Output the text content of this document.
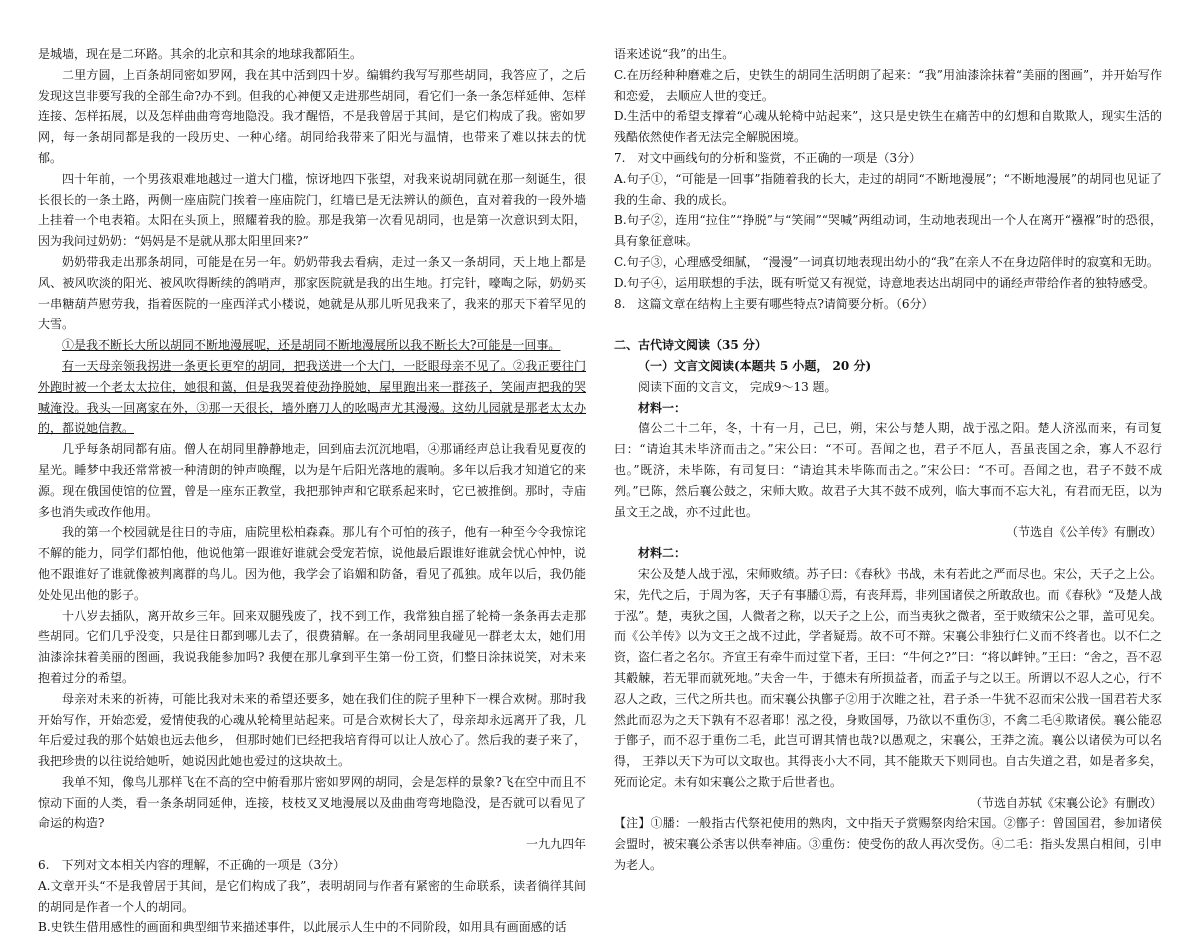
是城墙，现在是二环路。其余的北京和其余的地球我都陌生。

二里方圆，上百条胡同密如罗网，我在其中活到四十岁。编辑约我写写那些胡同，我答应了，之后发现这岂非要写我的全部生命?办不到。但我的心神便又走进那些胡同，看它们一条一条怎样延伸、怎样连接、怎样拓展，以及怎样曲曲弯弯地隐没。我才醒悟，不是我曾居于其间，是它们构成了我。密如罗网，每一条胡同都是我的一段历史、一种心绪。胡同给我带来了阳光与温情，也带来了难以抹去的忧郁。

四十年前，一个男孩艰难地越过一道大门槛，惊讶地四下张望，对我来说胡同就在那一刻诞生，很长很长的一条土路，两侧一座庙院门挨着一座庙院门，红墙已是无法辨认的颜色，直对着我的一段外墙上挂着一个电表箱。太阳在头顶上，照耀着我的脸。那是我第一次看见胡同，也是第一次意识到太阳，因为我问过奶奶：“妈妈是不是就从那太阳里回来?”

奶奶带我走出那条胡同，可能是在另一年。奶奶带我去看病，走过一条又一条胡同，天上地上都是风、被风吹淡的阳光、被风吹得断续的鸽哨声，那家医院就是我的出生地。打完针，嚎啕之际，奶奶买一串糖葫芦慰劳我，指着医院的一座西洋式小楼说，她就是从那儿听见我来了，我来的那天下着罕见的大雪。

①是我不断长大所以胡同不断地漫展呢，还是胡同不断地漫展所以我不断长大?可能是一回事。

有一天母亲领我拐进一条更长更窄的胡同，把我送进一个大门，一眨眼母亲不见了。②我正要往门外跑时被一个老太太拉住，她很和蔼，但是我哭着使劲挣脱她，屋里跑出来一群孩子，笑闹声把我的哭喊淹没。我头一回离家在外，③那一天很长，墙外磨刀人的吆喝声尤其漫漫。这幼儿园就是那老太太办的，都说她信教。

几乎每条胡同都有庙。僧人在胡同里静静地走，回到庙去沉沉地唱，④那诵经声总让我看见夏夜的星光。睡梦中我还常常被一种清朗的钟声唤醒，以为是午后阳光落地的震响。多年以后我才知道它的来源。现在俄国使馆的位置，曾是一座东正教堂，我把那钟声和它联系起来时，它已被推倒。那时，寺庙多也消失或改作他用。

我的第一个校园就是往日的寺庙，庙院里松柏森森。那儿有个可怕的孩子，他有一种至今令我惊诧不解的能力，同学们都怕他，他说他第一跟谁好谁就会受宠若惊，说他最后跟谁好谁就会忧心忡忡，说他不跟谁好了谁就像被判离群的鸟儿。因为他，我学会了谄媚和防备，看见了孤独。成年以后，我仍能处处见出他的影子。

十八岁去插队，离开故乡三年。回来双腿残废了，找不到工作，我常独自摇了轮椅一条条再去走那些胡同。它们几乎没变，只是往日都到哪儿去了，很费猜解。在一条胡同里我碰见一群老太太，她们用油漆涂抹着美丽的图画，我说我能参加吗? 我便在那儿拿到平生第一份工资，们整日涂抹说笑，对未来抱着过分的希望。

母亲对未来的祈祷，可能比我对未来的希望还要多，她在我们住的院子里种下一棵合欢树。那时我开始写作，开始恋爱，爱情使我的心魂从轮椅里站起来。可是合欢树长大了，母亲却永远离开了我，几年后爱过我的那个姑娘也远去他乡， 但那时她们已经把我培育得可以让人放心了。然后我的妻子来了，我把珍贵的以往说给她听，她说因此她也爱过的这块故土。

我单不知，像鸟儿那样飞在不高的空中俯看那片密如罗网的胡同，会是怎样的景象?飞在空中而且不惊动下面的人类，看一条条胡同延伸，连接，枝枝叉叉地漫展以及曲曲弯弯地隐没，是否就可以看见了命运的构造?

一九九四年

6.　下列对文本相关内容的理解，不正确的一项是（3分）

A.文章开头“不是我曾居于其间，是它们构成了我”，表明胡同与作者有紧密的生命联系，读者徜徉其间的胡同是作者一个人的胡同。

B.史铁生借用感性的画面和典型细节来描述事件，以此展示人生中的不同阶段，如用具有画面感的话

语来述说“我”的出生。

C.在历经种种磨难之后，史铁生的胡同生活明朗了起来：“我”用油漆涂抹着“美丽的图画”，并开始写作和恋爱， 去顺应人世的变迁。

D.生活中的希望支撑着“心魂从轮椅中站起来”，这只是史铁生在痛苦中的幻想和自欺欺人，现实生活的残酷依然使作者无法完全解脱困境。

7.　对文中画线句的分析和鉴赏，不正确的一项是（3分）

A.句子①，“可能是一回事”指随着我的长大，走过的胡同“不断地漫展”；“不断地漫展”的胡同也见证了我的生命、我的成长。

B.句子②，连用“拉住”“挣脱”与“笑闹”“哭喊”两组动词，生动地表现出一个人在离开“襁褓”时的恐很， 具有象征意味。

C.句子③，心理感受细腻， “漫漫”一词真切地表现出幼小的“我”在亲人不在身边陪伴时的寂寞和无助。

D.句子④，运用联想的手法，既有听觉又有视觉，诗意地表达出胡同中的诵经声带给作者的独特感受。

8.　这篇文章在结构上主要有哪些特点?请简要分析。（6分）

二、古代诗文阅读（35 分）

（一）文言文阅读(本题共 5 小题， 20 分)

阅读下面的文言文， 完成9～13 题。

材料一：

僖公二十二年，冬，十有一月，己巳，朔，宋公与楚人期，战于泓之阳。楚人济泓而来，有司复曰：“请迨其未毕济而击之。”宋公曰：“不可。吾闻之也，君子不厄人，吾虽丧国之余，寡人不忍行也。”既济，未毕陈，有司复曰：“请迨其未毕陈而击之。”宋公曰：“不可。吾闻之也，君子不鼓不成列。”已陈，然后襄公鼓之，宋师大败。故君子大其不鼓不成列，临大事而不忘大礼，有君而无臣，以为虽文王之战，亦不过此也。

（节选自《公羊传》有删改）

材料二：

宋公及楚人战于泓，宋师败绩。苏子曰：《春秋》书战，未有若此之严而尽也。宋公，天子之上公。宋，先代之后，于周为客，天子有事膰①焉，有丧拜焉，非列国诸侯之所敢敌也。而《春秋》“及楚人战于泓”。楚，夷狄之国，人微者之称，以天子之上公，而当夷狄之微者，至于败绩宋公之罪，盖可见矣。而《公羊传》以为文王之战不过此，学者疑焉。故不可不辩。宋襄公非独行仁义而不终者也。以不仁之资，盗仁者之名尔。齐宣王有牵牛而过堂下者，王曰：“牛何之?”曰：“将以衅钟。”王曰：“舍之，吾不忍其觳觫，若无罪而就死地。”夫舍一牛，于德未有所损益者，而孟子与之以王。所谓以不忍人之心，行不忍人之政，三代之所共也。而宋襄公执鄫子②用于次睢之社，君子杀一牛犹不忍而宋公戕一国君若犬豕然此而忍为之天下孰有不忍者耶！泓之役，身败国辱，乃欲以不重伤③，不禽二毛④欺诸侯。襄公能忍于鄫子，而不忍于重伤二毛，此岂可谓其情也哉?以愚观之，宋襄公，王莽之流。襄公以诸侯为可以名得， 王莽以天下为可以文取也。其得丧小大不同，其不能欺天下则同也。自古失道之君，如是者多矣，死而论定。未有如宋襄公之欺于后世者也。

（节选自苏轼《宋襄公论》有删改）

【注】①膰：一般指古代祭祀使用的熟肉，文中指天子赏赐祭肉给宋国。②鄫子：曾国国君，参加诸侯会盟时，被宋襄公杀害以供奉神庙。③重伤：使受伤的敌人再次受伤。④二毛：指头发黑白相间，引申为老人。
